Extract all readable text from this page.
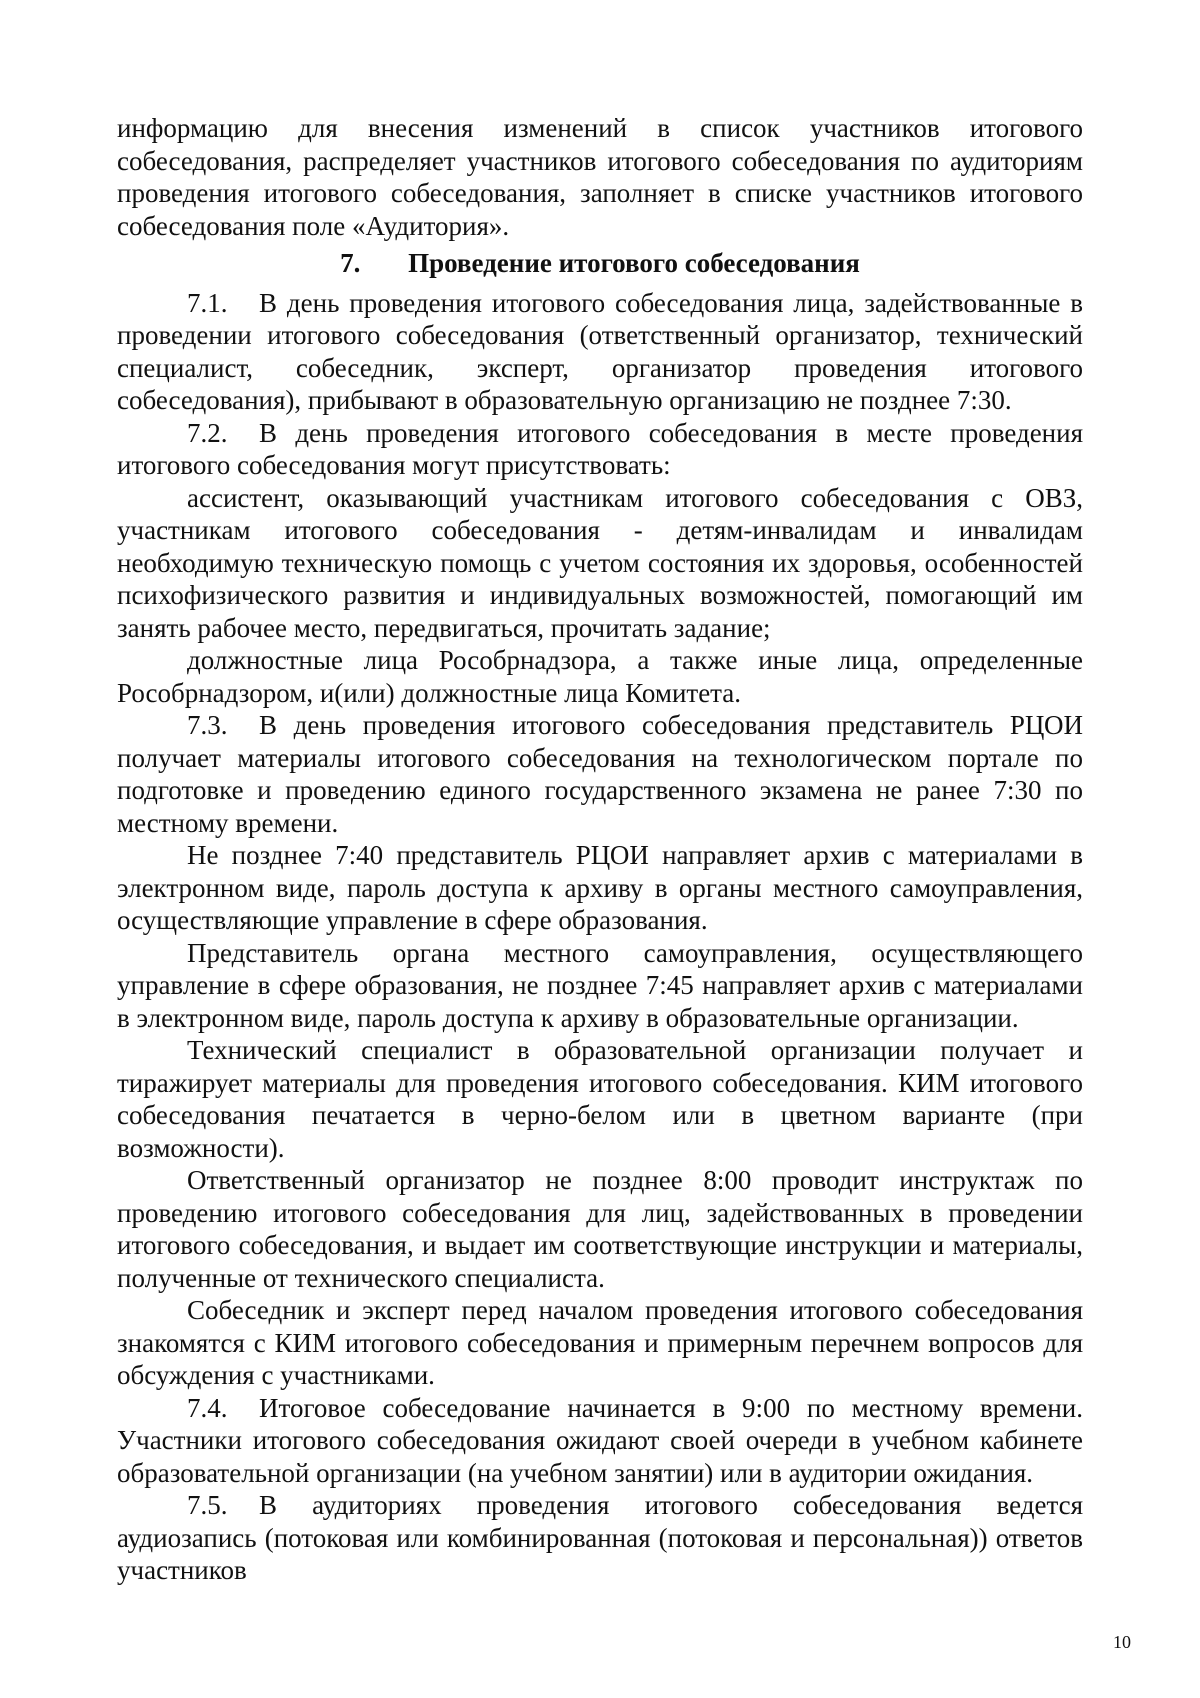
информацию для внесения изменений в список участников итогового собеседования, распределяет участников итогового собеседования по аудиториям проведения итогового собеседования, заполняет в списке участников итогового собеседования поле «Аудитория».

7. Проведение итогового собеседования

7.1. В день проведения итогового собеседования лица, задействованные в проведении итогового собеседования (ответственный организатор, технический специалист, собеседник, эксперт, организатор проведения итогового собеседования), прибывают в образовательную организацию не позднее 7:30.

7.2. В день проведения итогового собеседования в месте проведения итогового собеседования могут присутствовать:

ассистент, оказывающий участникам итогового собеседования с ОВЗ, участникам итогового собеседования - детям-инвалидам и инвалидам необходимую техническую помощь с учетом состояния их здоровья, особенностей психофизического развития и индивидуальных возможностей, помогающий им занять рабочее место, передвигаться, прочитать задание;

должностные лица Рособрнадзора, а также иные лица, определенные Рособрнадзором, и(или) должностные лица Комитета.

7.3. В день проведения итогового собеседования представитель РЦОИ получает материалы итогового собеседования на технологическом портале по подготовке и проведению единого государственного экзамена не ранее 7:30 по местному времени.

Не позднее 7:40 представитель РЦОИ направляет архив с материалами в электронном виде, пароль доступа к архиву в органы местного самоуправления, осуществляющие управление в сфере образования.

Представитель органа местного самоуправления, осуществляющего управление в сфере образования, не позднее 7:45 направляет архив с материалами в электронном виде, пароль доступа к архиву в образовательные организации.

Технический специалист в образовательной организации получает и тиражирует материалы для проведения итогового собеседования. КИМ итогового собеседования печатается в черно-белом или в цветном варианте (при возможности).

Ответственный организатор не позднее 8:00 проводит инструктаж по проведению итогового собеседования для лиц, задействованных в проведении итогового собеседования, и выдает им соответствующие инструкции и материалы, полученные от технического специалиста.

Собеседник и эксперт перед началом проведения итогового собеседования знакомятся с КИМ итогового собеседования и примерным перечнем вопросов для обсуждения с участниками.

7.4. Итоговое собеседование начинается в 9:00 по местному времени. Участники итогового собеседования ожидают своей очереди в учебном кабинете образовательной организации (на учебном занятии) или в аудитории ожидания.

7.5. В аудиториях проведения итогового собеседования ведется аудиозапись (потоковая или комбинированная (потоковая и персональная)) ответов участников

10
